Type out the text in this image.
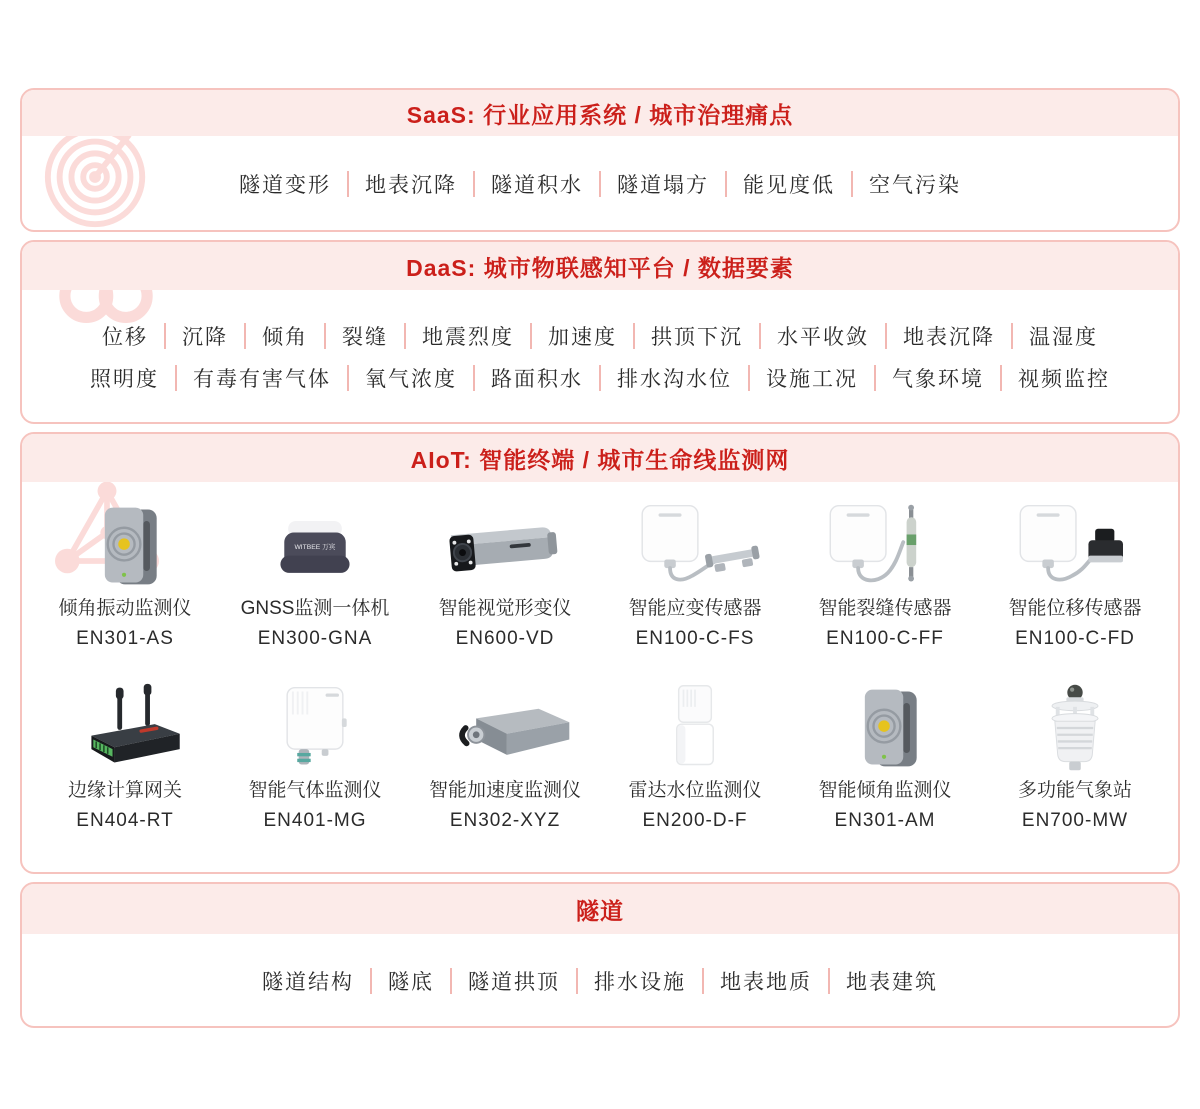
SaaS: 行业应用系统 / 城市治理痛点
隧道变形	地表沉降	隧道积水	隧道塌方	能见度低	空气污染
DaaS: 城市物联感知平台 / 数据要素
位移	沉降	倾角	裂缝	地震烈度	加速度	拱顶下沉	水平收敛	地表沉降	温湿度
照明度	有毒有害气体	氧气浓度	路面积水	排水沟水位	设施工况	气象环境	视频监控
AIoT: 智能终端 / 城市生命线监测网
倾角振动监测仪
EN301-AS
WITBEE 万宾
GNSS监测一体机
EN300-GNA
智能视觉形变仪
EN600-VD
智能应变传感器
EN100-C-FS
智能裂缝传感器
EN100-C-FF
智能位移传感器
EN100-C-FD
边缘计算网关
EN404-RT
智能气体监测仪
EN401-MG
智能加速度监测仪
EN302-XYZ
雷达水位监测仪
EN200-D-F
智能倾角监测仪
EN301-AM
多功能气象站
EN700-MW
隧道
隧道结构	隧底	隧道拱顶	排水设施	地表地质	地表建筑
